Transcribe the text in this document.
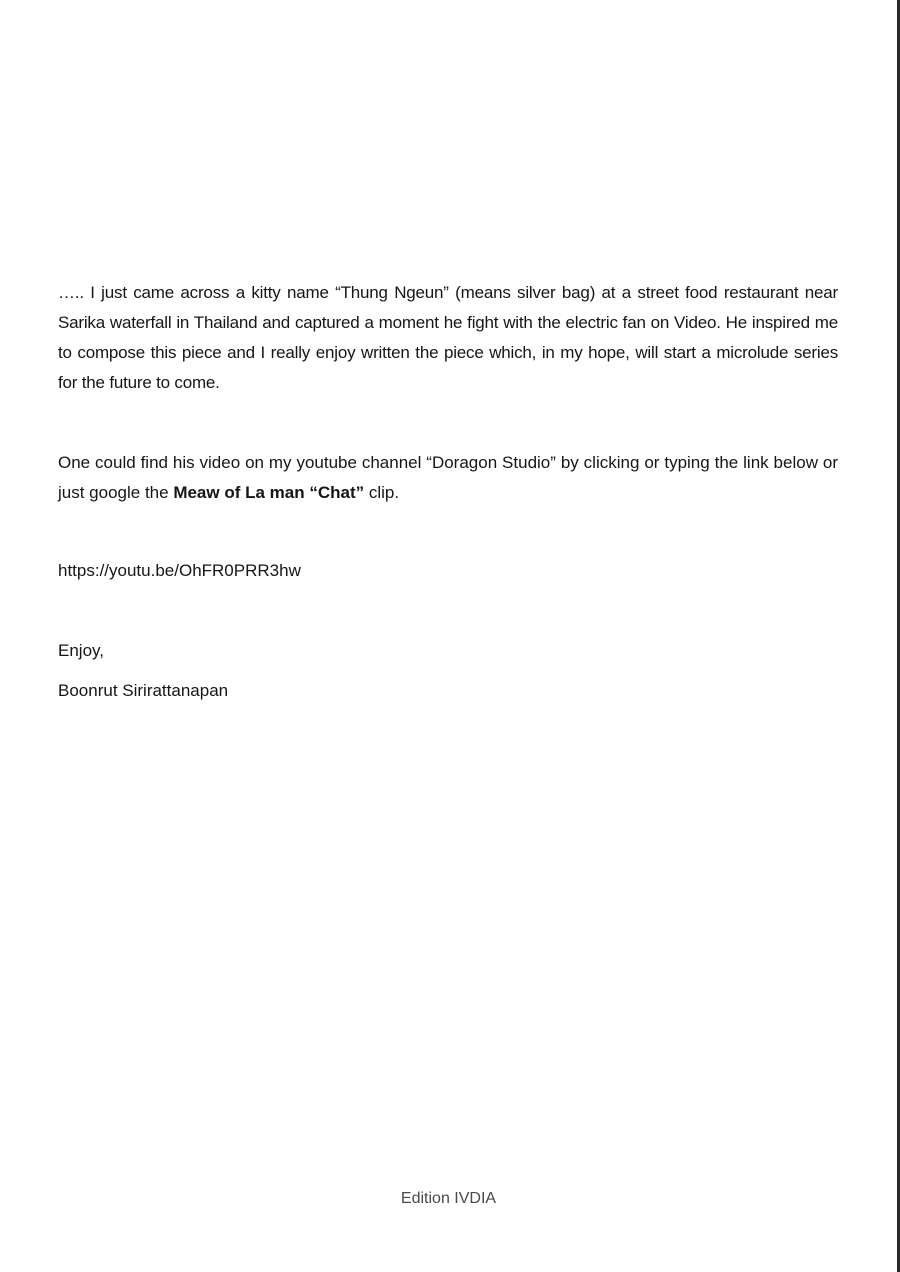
….. I just came across a kitty name “Thung Ngeun” (means silver bag) at a street food restaurant near Sarika waterfall in Thailand and captured a moment he fight with the electric fan on Video. He inspired me to compose this piece and I really enjoy written the piece which, in my hope, will start a microlude series for the future to come.

One could find his video on my youtube channel “Doragon Studio” by clicking or typing the link below or just google the Meaw of La man “Chat” clip.

https://youtu.be/OhFR0PRR3hw

Enjoy,

Boonrut Sirirattanapan

Edition IVDIA
